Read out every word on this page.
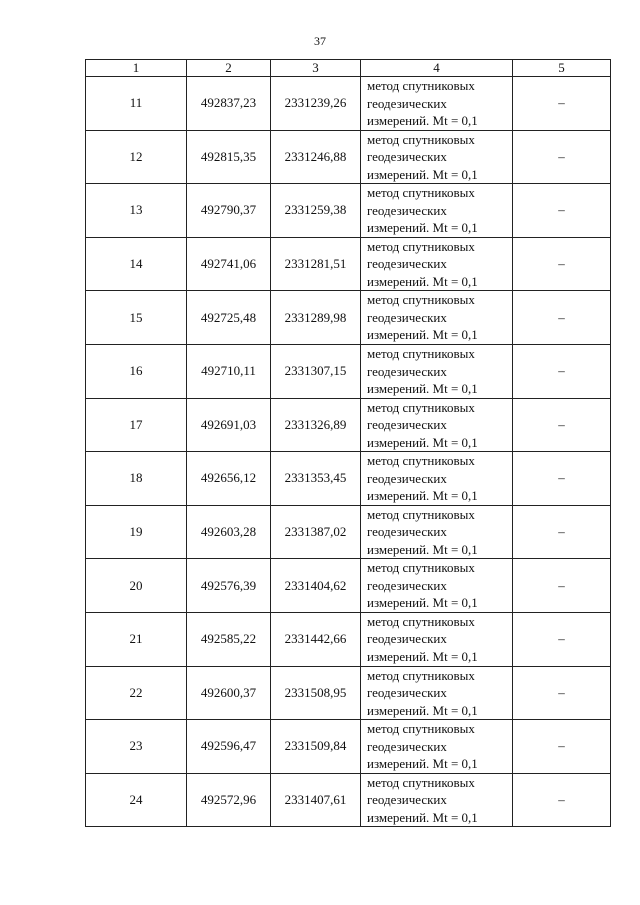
37
1	2	3	4	5
11	492837,23	2331239,26	метод спутниковых
геодезических
измерений. Mt = 0,1	–
12	492815,35	2331246,88	метод спутниковых
геодезических
измерений. Mt = 0,1	–
13	492790,37	2331259,38	метод спутниковых
геодезических
измерений. Mt = 0,1	–
14	492741,06	2331281,51	метод спутниковых
геодезических
измерений. Mt = 0,1	–
15	492725,48	2331289,98	метод спутниковых
геодезических
измерений. Mt = 0,1	–
16	492710,11	2331307,15	метод спутниковых
геодезических
измерений. Mt = 0,1	–
17	492691,03	2331326,89	метод спутниковых
геодезических
измерений. Mt = 0,1	–
18	492656,12	2331353,45	метод спутниковых
геодезических
измерений. Mt = 0,1	–
19	492603,28	2331387,02	метод спутниковых
геодезических
измерений. Mt = 0,1	–
20	492576,39	2331404,62	метод спутниковых
геодезических
измерений. Mt = 0,1	–
21	492585,22	2331442,66	метод спутниковых
геодезических
измерений. Mt = 0,1	–
22	492600,37	2331508,95	метод спутниковых
геодезических
измерений. Mt = 0,1	–
23	492596,47	2331509,84	метод спутниковых
геодезических
измерений. Mt = 0,1	–
24	492572,96	2331407,61	метод спутниковых
геодезических
измерений. Mt = 0,1	–
